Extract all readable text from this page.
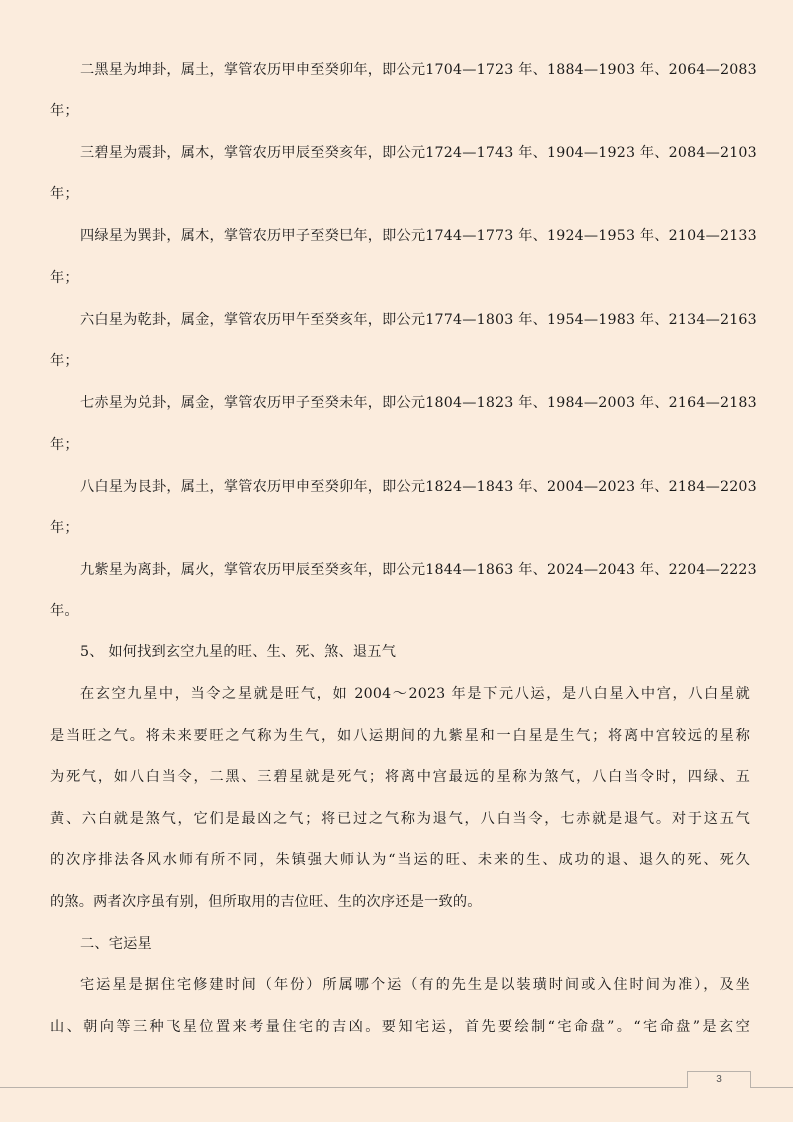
二黑星为坤卦，属土，掌管农历甲申至癸卯年，即公元1704—1723 年、1884—1903 年、2064—2083
年；
三碧星为震卦，属木，掌管农历甲辰至癸亥年，即公元1724—1743 年、1904—1923 年、2084—2103
年；
四绿星为巽卦，属木，掌管农历甲子至癸巳年，即公元1744—1773 年、1924—1953 年、2104—2133
年；
六白星为乾卦，属金，掌管农历甲午至癸亥年，即公元1774—1803 年、1954—1983 年、2134—2163
年；
七赤星为兑卦，属金，掌管农历甲子至癸未年，即公元1804—1823 年、1984—2003 年、2164—2183
年；
八白星为艮卦，属土，掌管农历甲申至癸卯年，即公元1824—1843 年、2004—2023 年、2184—2203
年；
九紫星为离卦，属火，掌管农历甲辰至癸亥年，即公元1844—1863 年、2024—2043 年、2204—2223
年。
5、 如何找到玄空九星的旺、生、死、煞、退五气
在玄空九星中，当令之星就是旺气，如 2004～2023 年是下元八运，是八白星入中宫，八白星就
是当旺之气。将未来要旺之气称为生气，如八运期间的九紫星和一白星是生气；将离中宫较远的星称
为死气，如八白当令，二黑、三碧星就是死气；将离中宫最远的星称为煞气，八白当令时，四绿、五
黄、六白就是煞气，它们是最凶之气；将已过之气称为退气，八白当令，七赤就是退气。对于这五气
的次序排法各风水师有所不同，朱镇强大师认为“当运的旺、未来的生、成功的退、退久的死、死久
的煞。两者次序虽有别，但所取用的吉位旺、生的次序还是一致的。
二、宅运星
宅运星是据住宅修建时间（年份）所属哪个运（有的先生是以装璜时间或入住时间为准），及坐
山、朝向等三种飞星位置来考量住宅的吉凶。要知宅运，首先要绘制“宅命盘”。“宅命盘”是玄空
3
